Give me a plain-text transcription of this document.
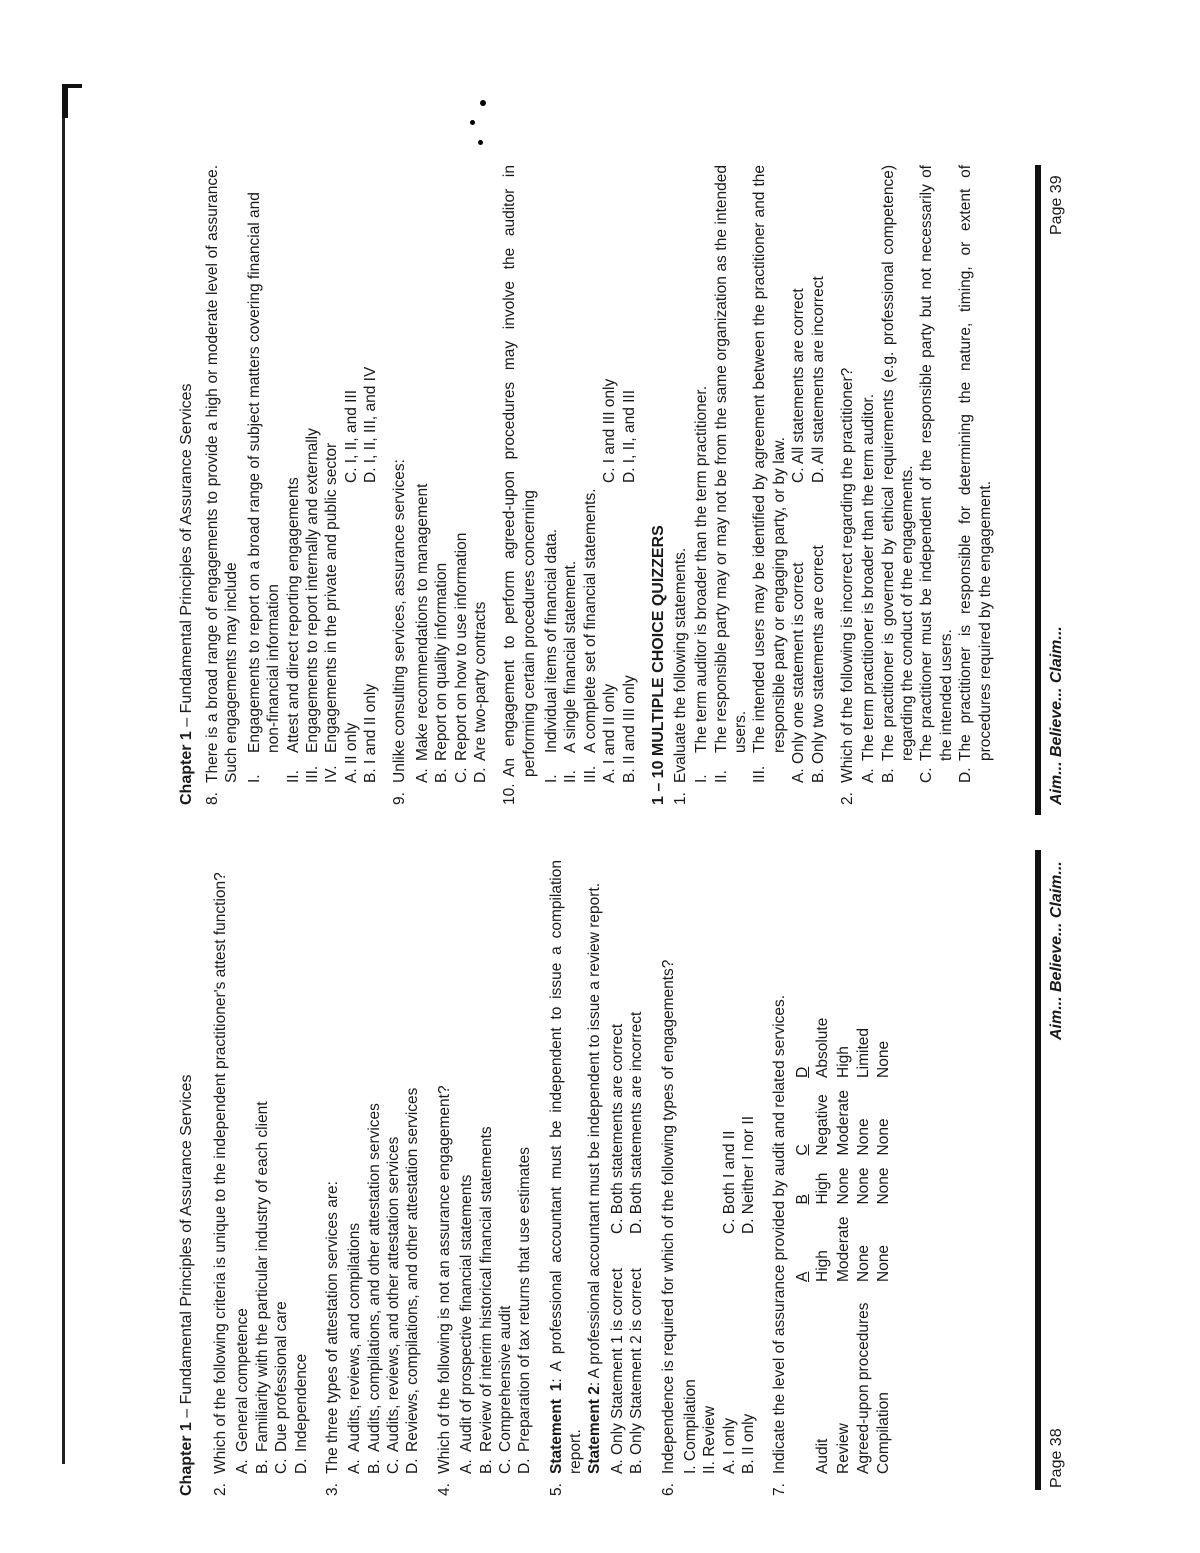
Chapter 1 – Fundamental Principles of Assurance Services
2.
Which of the following criteria is unique to the independent practitioner's attest function? A.
General competence
B.
Familiarity with the particular industry of each client
C.
Due professional care
D.
Independence
3.
The three types of attestation services are: A.
Audits, reviews, and compilations
B.
Audits, compilations, and other attestation services
C.
Audits, reviews, and other attestation services
D.
Reviews, compilations, and other attestation services
4.
Which of the following is not an assurance engagement? A.
Audit of prospective financial statements
B.
Review of interim historical financial statements
C.
Comprehensive audit
D.
Preparation of tax returns that use estimates
5.
Statement 1: A professional accountant must be independent to issue a compilation report. Statement 2: A professional accountant must be independent to issue a review report. A. Only Statement 1 is correct
C. Both statements are correct
B. Only Statement 2 is correct
D. Both statements are incorrect
6.
Independence is required for which of the following types of engagements? I. Compilation II. Review A. I only
C. Both I and II
B. II only
D. Neither I nor II
7.
Indicate the level of assurance provided by audit and related services.
	A	B	C	D
Audit	High	High	Negative	Absolute
Review	Moderate	None	Moderate	High
Agreed-upon procedures	None	None	None	Limited
Compilation	None	None	None	None
Page 38
Aim... Believe... Claim...
Chapter 1 – Fundamental Principles of Assurance Services
8.
There is a broad range of engagements to provide a high or moderate level of assurance. Such engagements may include I.
Engagements to report on a broad range of subject matters covering financial and non-financial information
II.
Attest and direct reporting engagements
III.
Engagements to report internally and externally
IV.
Engagements in the private and public sector A. II only
C. I, II, and III
B. I and II only
D. I, II, III, and IV
9.
Unlike consulting services, assurance services: A.
Make recommendations to management
B.
Report on quality information
C.
Report on how to use information
D.
Are two-party contracts
10.
An engagement to perform agreed-upon procedures may involve the auditor in performing certain procedures concerning
I.
Individual items of financial data.
II.
A single financial statement.
III.
A complete set of financial statements. A. I and II only
C. I and III only
B. II and III only
D. I, II, and III
1 – 10 MULTIPLE CHOICE QUIZZERS 1.
Evaluate the following statements. I.
The term auditor is broader than the term practitioner.
II.
The responsible party may or may not be from the same organization as the intended users.
III.
The intended users may be identified by agreement between the practitioner and the responsible party or engaging party, or by law. A. Only one statement is correct
C. All statements are correct
B. Only two statements are correct
D. All statements are incorrect
2.
Which of the following is incorrect regarding the practitioner? A.
The term practitioner is broader than the term auditor.
B.
The practitioner is governed by ethical requirements (e.g. professional competence) regarding the conduct of the engagements.
C.
The practitioner must be independent of the responsible party but not necessarily of the intended users.
D.
The practitioner is responsible for determining the nature, timing, or extent of procedures required by the engagement.	Aim... Believe... Claim...
Page 39
